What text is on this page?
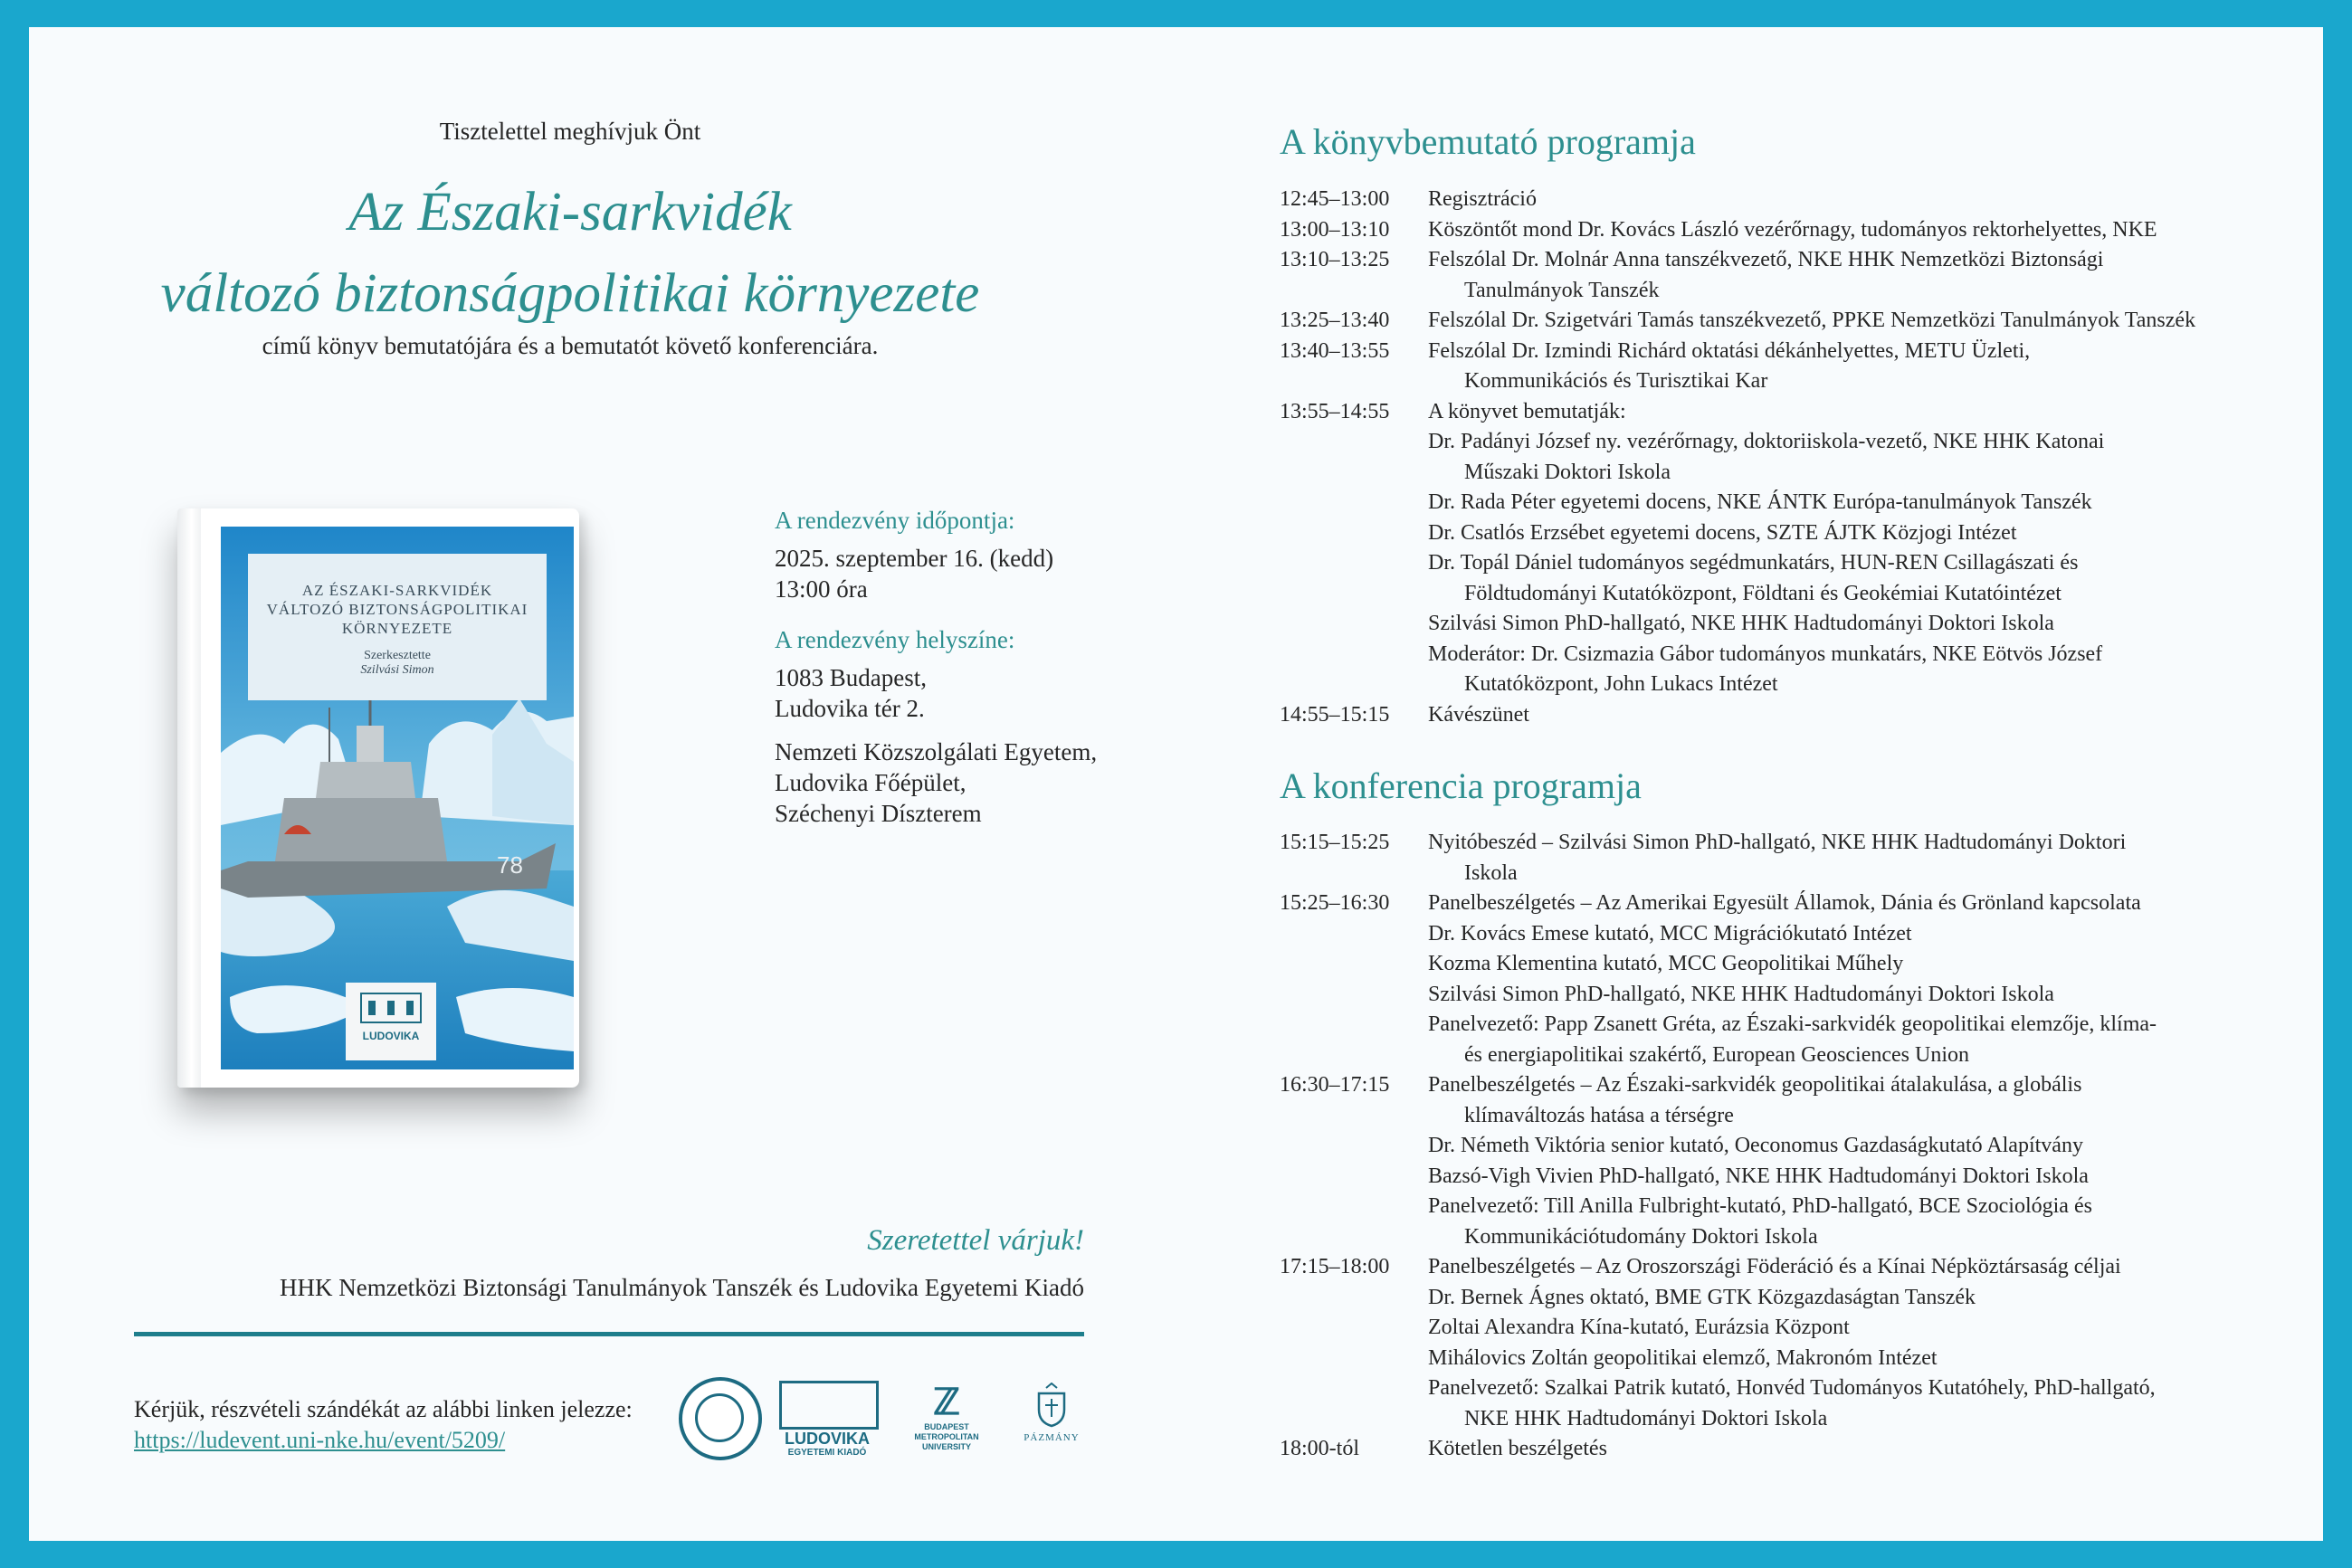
Tisztelettel meghívjuk Önt
Az Északi-sarkvidék
változó biztonságpolitikai környezete
című könyv bemutatójára és a bemutatót követő konferenciára.
78
AZ ÉSZAKI-SARKVIDÉK
VÁLTOZÓ BIZTONSÁGPOLITIKAI
KÖRNYEZETE
Szerkesztette
Szilvási Simon
LUDOVIKA
A rendezvény időpontja:
2025. szeptember 16. (kedd)
13:00 óra
A rendezvény helyszíne:
1083 Budapest,
Ludovika tér 2.
Nemzeti Közszolgálati Egyetem,
Ludovika Főépület,
Széchenyi Díszterem
Szeretettel várjuk!
HHK Nemzetközi Biztonsági Tanulmányok Tanszék és Ludovika Egyetemi Kiadó
Kérjük, részvételi szándékát az alábbi linken jelezze:
https://ludevent.uni-nke.hu/event/5209/	LUDOVIKA
EGYETEMI KIADÓ
ℤ
BUDAPEST
METROPOLITAN
UNIVERSITY
PÁZMÁNY
A könyvbemutató programja
12:45–13:00	Regisztráció
13:00–13:10	Köszöntőt mond Dr. Kovács László vezérőrnagy, tudományos rektorhelyettes, NKE
13:10–13:25	Felszólal Dr. Molnár Anna tanszékvezető, NKE HHK Nemzetközi Biztonsági
Tanulmányok Tanszék
13:25–13:40	Felszólal Dr. Szigetvári Tamás tanszékvezető, PPKE Nemzetközi Tanulmányok Tanszék
13:40–13:55	Felszólal Dr. Izmindi Richárd oktatási dékánhelyettes, METU Üzleti,
Kommunikációs és Turisztikai Kar
13:55–14:55	A könyvet bemutatják:
Dr. Padányi József ny. vezérőrnagy, doktoriiskola-vezető, NKE HHK Katonai
Műszaki Doktori Iskola
Dr. Rada Péter egyetemi docens, NKE ÁNTK Európa-tanulmányok Tanszék
Dr. Csatlós Erzsébet egyetemi docens, SZTE ÁJTK Közjogi Intézet
Dr. Topál Dániel tudományos segédmunkatárs, HUN-REN Csillagászati és
Földtudományi Kutatóközpont, Földtani és Geokémiai Kutatóintézet
Szilvási Simon PhD-hallgató, NKE HHK Hadtudományi Doktori Iskola
Moderátor: Dr. Csizmazia Gábor tudományos munkatárs, NKE Eötvös József
Kutatóközpont, John Lukacs Intézet
14:55–15:15	Kávészünet
A konferencia programja
15:15–15:25	Nyitóbeszéd – Szilvási Simon PhD-hallgató, NKE HHK Hadtudományi Doktori
Iskola
15:25–16:30	Panelbeszélgetés – Az Amerikai Egyesült Államok, Dánia és Grönland kapcsolata
Dr. Kovács Emese kutató, MCC Migrációkutató Intézet
Kozma Klementina kutató, MCC Geopolitikai Műhely
Szilvási Simon PhD-hallgató, NKE HHK Hadtudományi Doktori Iskola
Panelvezető: Papp Zsanett Gréta, az Északi-sarkvidék geopolitikai elemzője, klíma-
és energiapolitikai szakértő, European Geosciences Union
16:30–17:15	Panelbeszélgetés – Az Északi-sarkvidék geopolitikai átalakulása, a globális
klímaváltozás hatása a térségre
Dr. Németh Viktória senior kutató, Oeconomus Gazdaságkutató Alapítvány
Bazsó-Vigh Vivien PhD-hallgató, NKE HHK Hadtudományi Doktori Iskola
Panelvezető: Till Anilla Fulbright-kutató, PhD-hallgató, BCE Szociológia és
Kommunikációtudomány Doktori Iskola
17:15–18:00	Panelbeszélgetés – Az Oroszországi Föderáció és a Kínai Népköztársaság céljai
Dr. Bernek Ágnes oktató, BME GTK Közgazdaságtan Tanszék
Zoltai Alexandra Kína-kutató, Eurázsia Központ
Mihálovics Zoltán geopolitikai elemző, Makronóm Intézet
Panelvezető: Szalkai Patrik kutató, Honvéd Tudományos Kutatóhely, PhD-hallgató,
NKE HHK Hadtudományi Doktori Iskola
18:00-tól	Kötetlen beszélgetés
